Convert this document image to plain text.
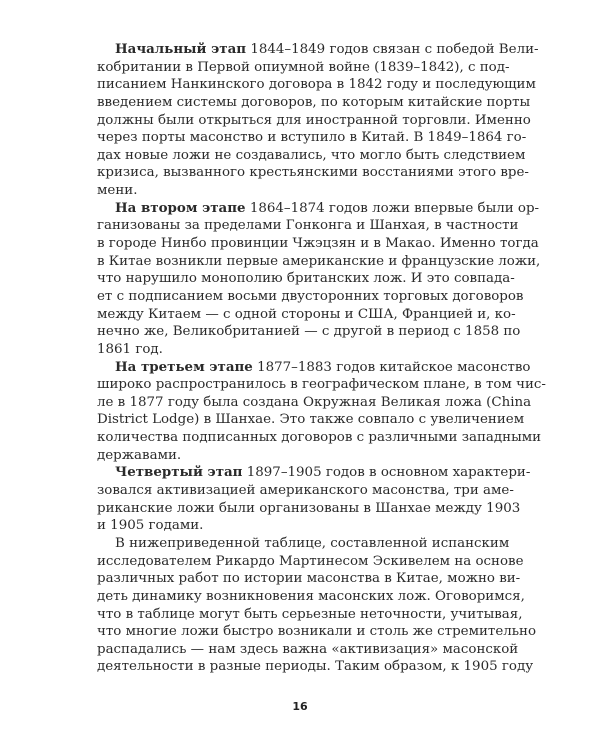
Начальный этап 1844–1849 годов связан с победой Вели-
кобритании в Первой опиумной войне (1839–1842), с под-
писанием Нанкинского договора в 1842 году и последующим
введением системы договоров, по которым китайские порты
должны были открыться для иностранной торговли. Именно
через порты масонство и вступило в Китай. В 1849–1864 го-
дах новые ложи не создавались, что могло быть следствием
кризиса, вызванного крестьянскими восстаниями этого вре-
мени.
На втором этапе 1864–1874 годов ложи впервые были ор-
ганизованы за пределами Гонконга и Шанхая, в частности
в городе Нинбо провинции Чжэцзян и в Макао. Именно тогда
в Китае возникли первые американские и французские ложи,
что нарушило монополию британских лож. И это совпада-
ет с подписанием восьми двусторонних торговых договоров
между Китаем — с одной стороны и США, Францией и, ко-
нечно же, Великобританией — с другой в период с 1858 по
1861 год.
На третьем этапе 1877–1883 годов китайское масонство
широко распространилось в географическом плане, в том чис-
ле в 1877 году была создана Окружная Великая ложа (China
District Lodge) в Шанхае. Это также совпало с увеличением
количества подписанных договоров с различными западными
державами.
Четвертый этап 1897–1905 годов в основном характери-
зовался активизацией американского масонства, три аме-
риканские ложи были организованы в Шанхае между 1903
и 1905 годами.
В нижеприведенной таблице, составленной испанским
исследователем Рикардо Мартинесом Эскивелем на основе
различных работ по истории масонства в Китае, можно ви-
деть динамику возникновения масонских лож. Оговоримся,
что в таблице могут быть серьезные неточности, учитывая,
что многие ложи быстро возникали и столь же стремительно
распадались — нам здесь важна «активизация» масонской
деятельности в разные периоды. Таким образом, к 1905 году
16
